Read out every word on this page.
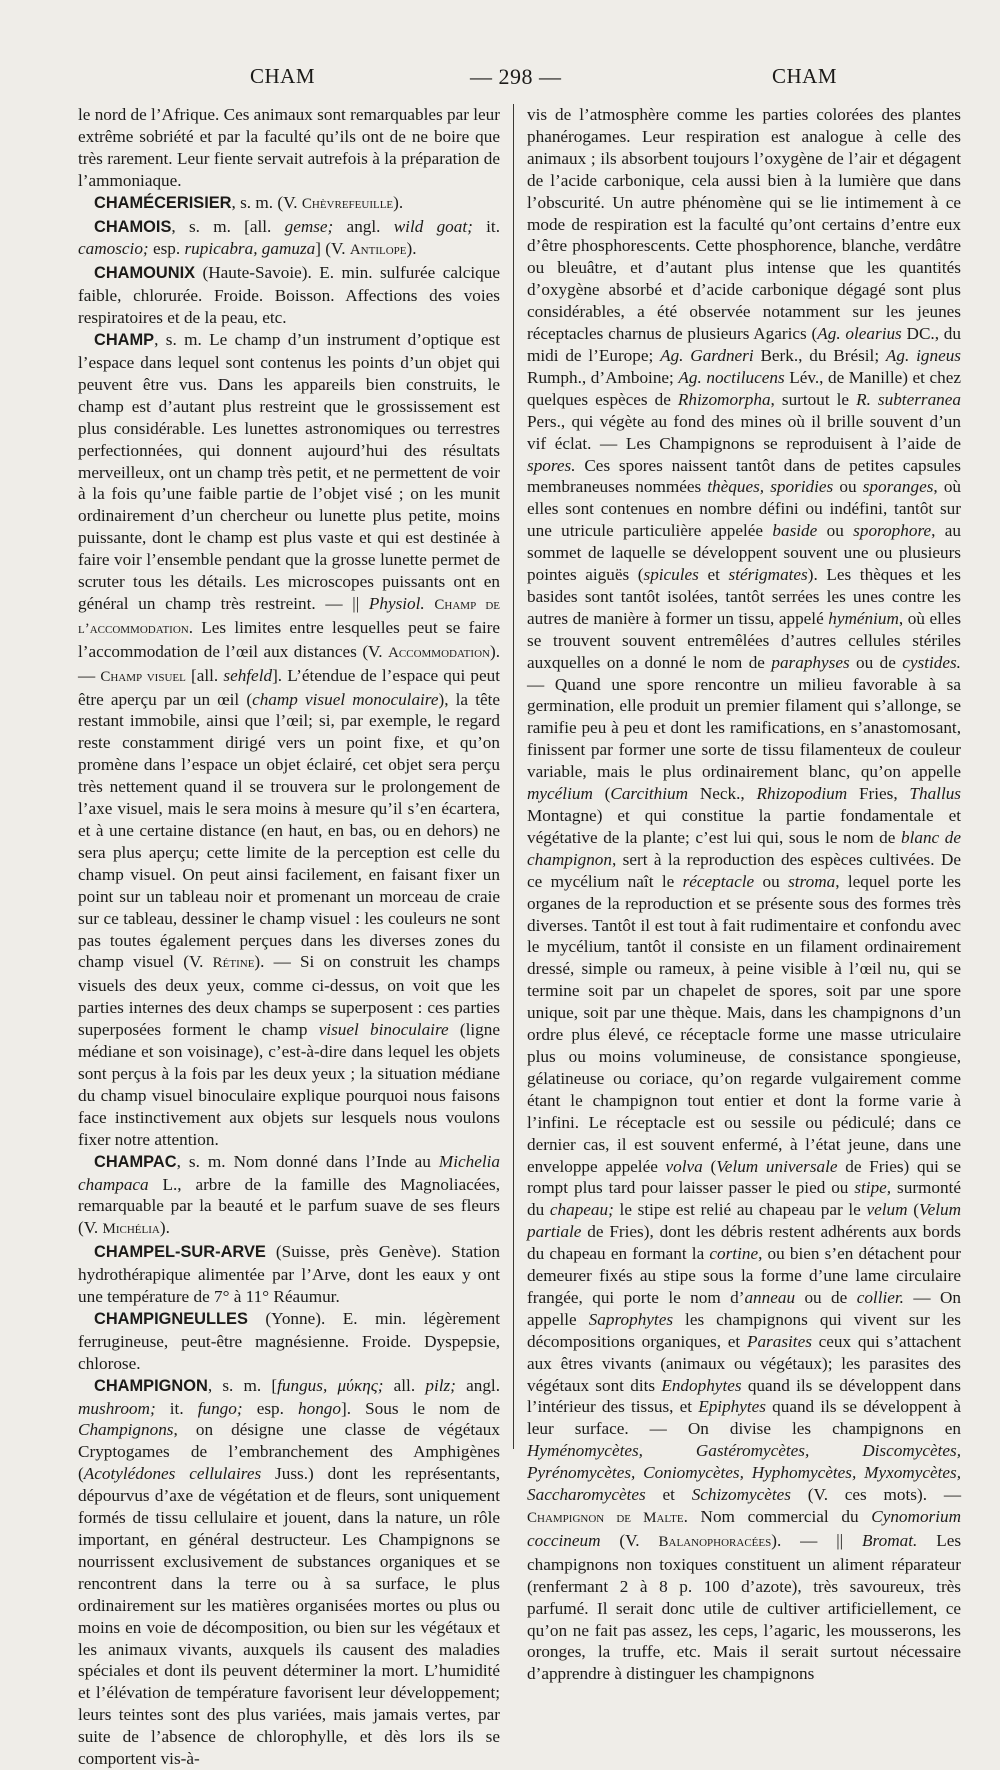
CHAM	— 298 —	CHAM

le nord de l’Afrique. Ces animaux sont remarquables par leur extrême sobriété et par la faculté qu’ils ont de ne boire que très rarement. Leur fiente servait autrefois à la préparation de l’ammoniaque.

CHAMÉCERISIER, s. m. (V. Chèvrefeuille).

CHAMOIS, s. m. [all. gemse; angl. wild goat; it. camoscio; esp. rupicabra, gamuza] (V. Antilope).

CHAMOUNIX (Haute-Savoie). E. min. sulfurée calcique faible, chlorurée. Froide. Boisson. Affections des voies respiratoires et de la peau, etc.

CHAMP, s. m. Le champ d’un instrument d’optique est l’espace dans lequel sont contenus les points d’un objet qui peuvent être vus. Dans les appareils bien construits, le champ est d’autant plus restreint que le grossissement est plus considérable. Les lunettes astronomiques ou terrestres perfectionnées, qui donnent aujourd’hui des résultats merveilleux, ont un champ très petit, et ne permettent de voir à la fois qu’une faible partie de l’objet visé ; on les munit ordinairement d’un chercheur ou lunette plus petite, moins puissante, dont le champ est plus vaste et qui est destinée à faire voir l’ensemble pendant que la grosse lunette permet de scruter tous les détails. Les microscopes puissants ont en général un champ très restreint. — || Physiol. Champ de l’accommodation. Les limites entre lesquelles peut se faire l’accommodation de l’œil aux distances (V. Accommodation). — Champ visuel [all. sehfeld]. L’étendue de l’espace qui peut être aperçu par un œil (champ visuel monoculaire), la tête restant immobile, ainsi que l’œil; si, par exemple, le regard reste constamment dirigé vers un point fixe, et qu’on promène dans l’espace un objet éclairé, cet objet sera perçu très nettement quand il se trouvera sur le prolongement de l’axe visuel, mais le sera moins à mesure qu’il s’en écartera, et à une certaine distance (en haut, en bas, ou en dehors) ne sera plus aperçu; cette limite de la perception est celle du champ visuel. On peut ainsi facilement, en faisant fixer un point sur un tableau noir et promenant un morceau de craie sur ce tableau, dessiner le champ visuel : les couleurs ne sont pas toutes également perçues dans les diverses zones du champ visuel (V. Rétine). — Si on construit les champs visuels des deux yeux, comme ci-dessus, on voit que les parties internes des deux champs se superposent : ces parties superposées forment le champ visuel binoculaire (ligne médiane et son voisinage), c’est-à-dire dans lequel les objets sont perçus à la fois par les deux yeux ; la situation médiane du champ visuel binoculaire explique pourquoi nous faisons face instinctivement aux objets sur lesquels nous voulons fixer notre attention.

CHAMPAC, s. m. Nom donné dans l’Inde au Michelia champaca L., arbre de la famille des Magnoliacées, remarquable par la beauté et le parfum suave de ses fleurs (V. Michélia).

CHAMPEL-SUR-ARVE (Suisse, près Genève). Station hydrothérapique alimentée par l’Arve, dont les eaux y ont une température de 7° à 11° Réaumur.

CHAMPIGNEULLES (Yonne). E. min. légèrement ferrugineuse, peut-être magnésienne. Froide. Dyspepsie, chlorose.

CHAMPIGNON, s. m. [fungus, μύκης; all. pilz; angl. mushroom; it. fungo; esp. hongo]. Sous le nom de Champignons, on désigne une classe de végétaux Cryptogames de l’embranchement des Amphigènes (Acotylédones cellulaires Juss.) dont les représentants, dépourvus d’axe de végétation et de fleurs, sont uniquement formés de tissu cellulaire et jouent, dans la nature, un rôle important, en général destructeur. Les Champignons se nourrissent exclusivement de substances organiques et se rencontrent dans la terre ou à sa surface, le plus ordinairement sur les matières organisées mortes ou plus ou moins en voie de décomposition, ou bien sur les végétaux et les animaux vivants, auxquels ils causent des maladies spéciales et dont ils peuvent déterminer la mort. L’humidité et l’élévation de température favorisent leur développement; leurs teintes sont des plus variées, mais jamais vertes, par suite de l’absence de chlorophylle, et dès lors ils se comportent vis-à-

vis de l’atmosphère comme les parties colorées des plantes phanérogames. Leur respiration est analogue à celle des animaux ; ils absorbent toujours l’oxygène de l’air et dégagent de l’acide carbonique, cela aussi bien à la lumière que dans l’obscurité. Un autre phénomène qui se lie intimement à ce mode de respiration est la faculté qu’ont certains d’entre eux d’être phosphorescents. Cette phosphorence, blanche, verdâtre ou bleuâtre, et d’autant plus intense que les quantités d’oxygène absorbé et d’acide carbonique dégagé sont plus considérables, a été observée notamment sur les jeunes réceptacles charnus de plusieurs Agarics (Ag. olearius DC., du midi de l’Europe; Ag. Gardneri Berk., du Brésil; Ag. igneus Rumph., d’Amboine; Ag. noctilucens Lév., de Manille) et chez quelques espèces de Rhizomorpha, surtout le R. subterranea Pers., qui végète au fond des mines où il brille souvent d’un vif éclat. — Les Champignons se reproduisent à l’aide de spores. Ces spores naissent tantôt dans de petites capsules membraneuses nommées thèques, sporidies ou sporanges, où elles sont contenues en nombre défini ou indéfini, tantôt sur une utricule particulière appelée baside ou sporophore, au sommet de laquelle se développent souvent une ou plusieurs pointes aiguës (spicules et stérigmates). Les thèques et les basides sont tantôt isolées, tantôt serrées les unes contre les autres de manière à former un tissu, appelé hyménium, où elles se trouvent souvent entremêlées d’autres cellules stériles auxquelles on a donné le nom de paraphyses ou de cystides. — Quand une spore rencontre un milieu favorable à sa germination, elle produit un premier filament qui s’allonge, se ramifie peu à peu et dont les ramifications, en s’anastomosant, finissent par former une sorte de tissu filamenteux de couleur variable, mais le plus ordinairement blanc, qu’on appelle mycélium (Carcithium Neck., Rhizopodium Fries, Thallus Montagne) et qui constitue la partie fondamentale et végétative de la plante; c’est lui qui, sous le nom de blanc de champignon, sert à la reproduction des espèces cultivées. De ce mycélium naît le réceptacle ou stroma, lequel porte les organes de la reproduction et se présente sous des formes très diverses. Tantôt il est tout à fait rudimentaire et confondu avec le mycélium, tantôt il consiste en un filament ordinairement dressé, simple ou rameux, à peine visible à l’œil nu, qui se termine soit par un chapelet de spores, soit par une spore unique, soit par une thèque. Mais, dans les champignons d’un ordre plus élevé, ce réceptacle forme une masse utriculaire plus ou moins volumineuse, de consistance spongieuse, gélatineuse ou coriace, qu’on regarde vulgairement comme étant le champignon tout entier et dont la forme varie à l’infini. Le réceptacle est ou sessile ou pédiculé; dans ce dernier cas, il est souvent enfermé, à l’état jeune, dans une enveloppe appelée volva (Velum universale de Fries) qui se rompt plus tard pour laisser passer le pied ou stipe, surmonté du chapeau; le stipe est relié au chapeau par le velum (Velum partiale de Fries), dont les débris restent adhérents aux bords du chapeau en formant la cortine, ou bien s’en détachent pour demeurer fixés au stipe sous la forme d’une lame circulaire frangée, qui porte le nom d’anneau ou de collier. — On appelle Saprophytes les champignons qui vivent sur les décompositions organiques, et Parasites ceux qui s’attachent aux êtres vivants (animaux ou végétaux); les parasites des végétaux sont dits Endophytes quand ils se développent dans l’intérieur des tissus, et Epiphytes quand ils se développent à leur surface. — On divise les champignons en Hyménomycètes, Gastéromycètes, Discomycètes, Pyrénomycètes, Coniomycètes, Hyphomycètes, Myxomycètes, Saccharomycètes et Schizomycètes (V. ces mots). — Champignon de Malte. Nom commercial du Cynomorium coccineum (V. Balanophoracées). — || Bromat. Les champignons non toxiques constituent un aliment réparateur (renfermant 2 à 8 p. 100 d’azote), très savoureux, très parfumé. Il serait donc utile de cultiver artificiellement, ce qu’on ne fait pas assez, les ceps, l’agaric, les mousserons, les oronges, la truffe, etc. Mais il serait surtout nécessaire d’apprendre à distinguer les champignons
